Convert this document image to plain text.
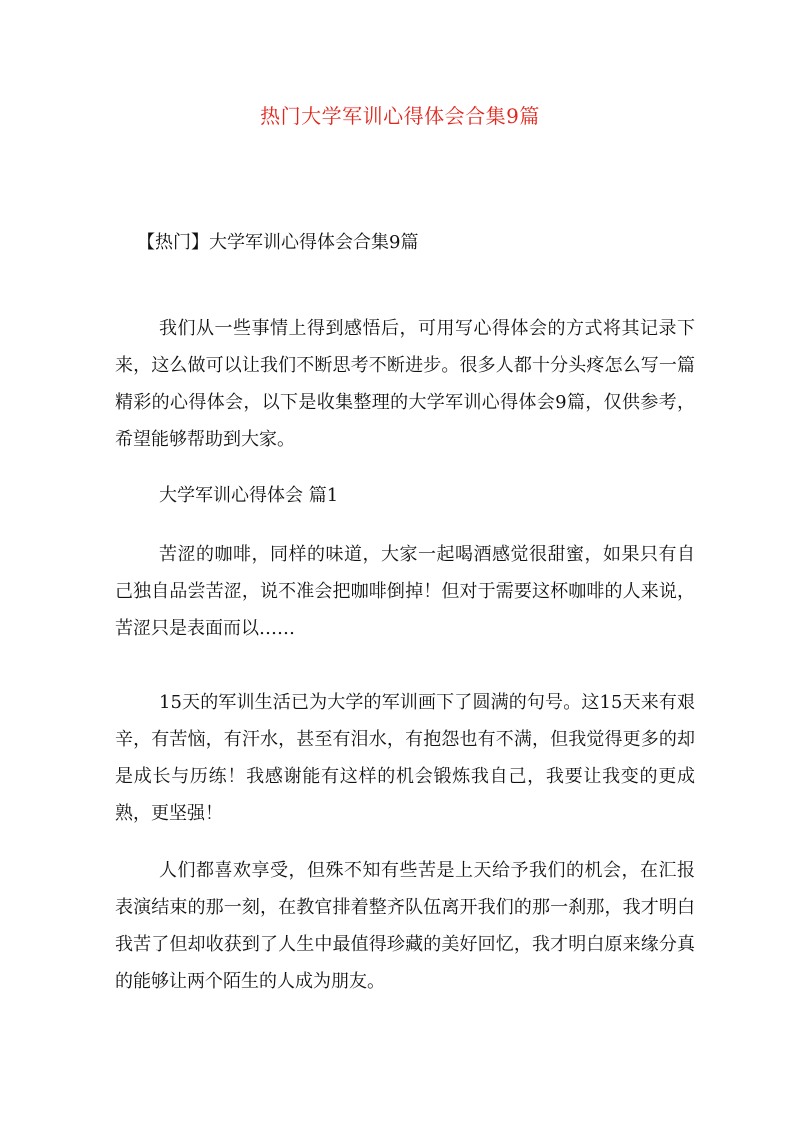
热门大学军训心得体会合集9篇
【热门】大学军训心得体会合集9篇

我们从一些事情上得到感悟后，可用写心得体会的方式将其记录下来，这么做可以让我们不断思考不断进步。很多人都十分头疼怎么写一篇精彩的心得体会，以下是收集整理的大学军训心得体会9篇，仅供参考，希望能够帮助到大家。

大学军训心得体会 篇1

苦涩的咖啡，同样的味道，大家一起喝酒感觉很甜蜜，如果只有自己独自品尝苦涩，说不准会把咖啡倒掉！但对于需要这杯咖啡的人来说，苦涩只是表面而以……

15天的军训生活已为大学的军训画下了圆满的句号。这15天来有艰辛，有苦恼，有汗水，甚至有泪水，有抱怨也有不满，但我觉得更多的却是成长与历练！我感谢能有这样的机会锻炼我自己，我要让我变的更成熟，更坚强！

人们都喜欢享受，但殊不知有些苦是上天给予我们的机会，在汇报表演结束的那一刻，在教官排着整齐队伍离开我们的那一刹那，我才明白我苦了但却收获到了人生中最值得珍藏的美好回忆，我才明白原来缘分真的能够让两个陌生的人成为朋友。
